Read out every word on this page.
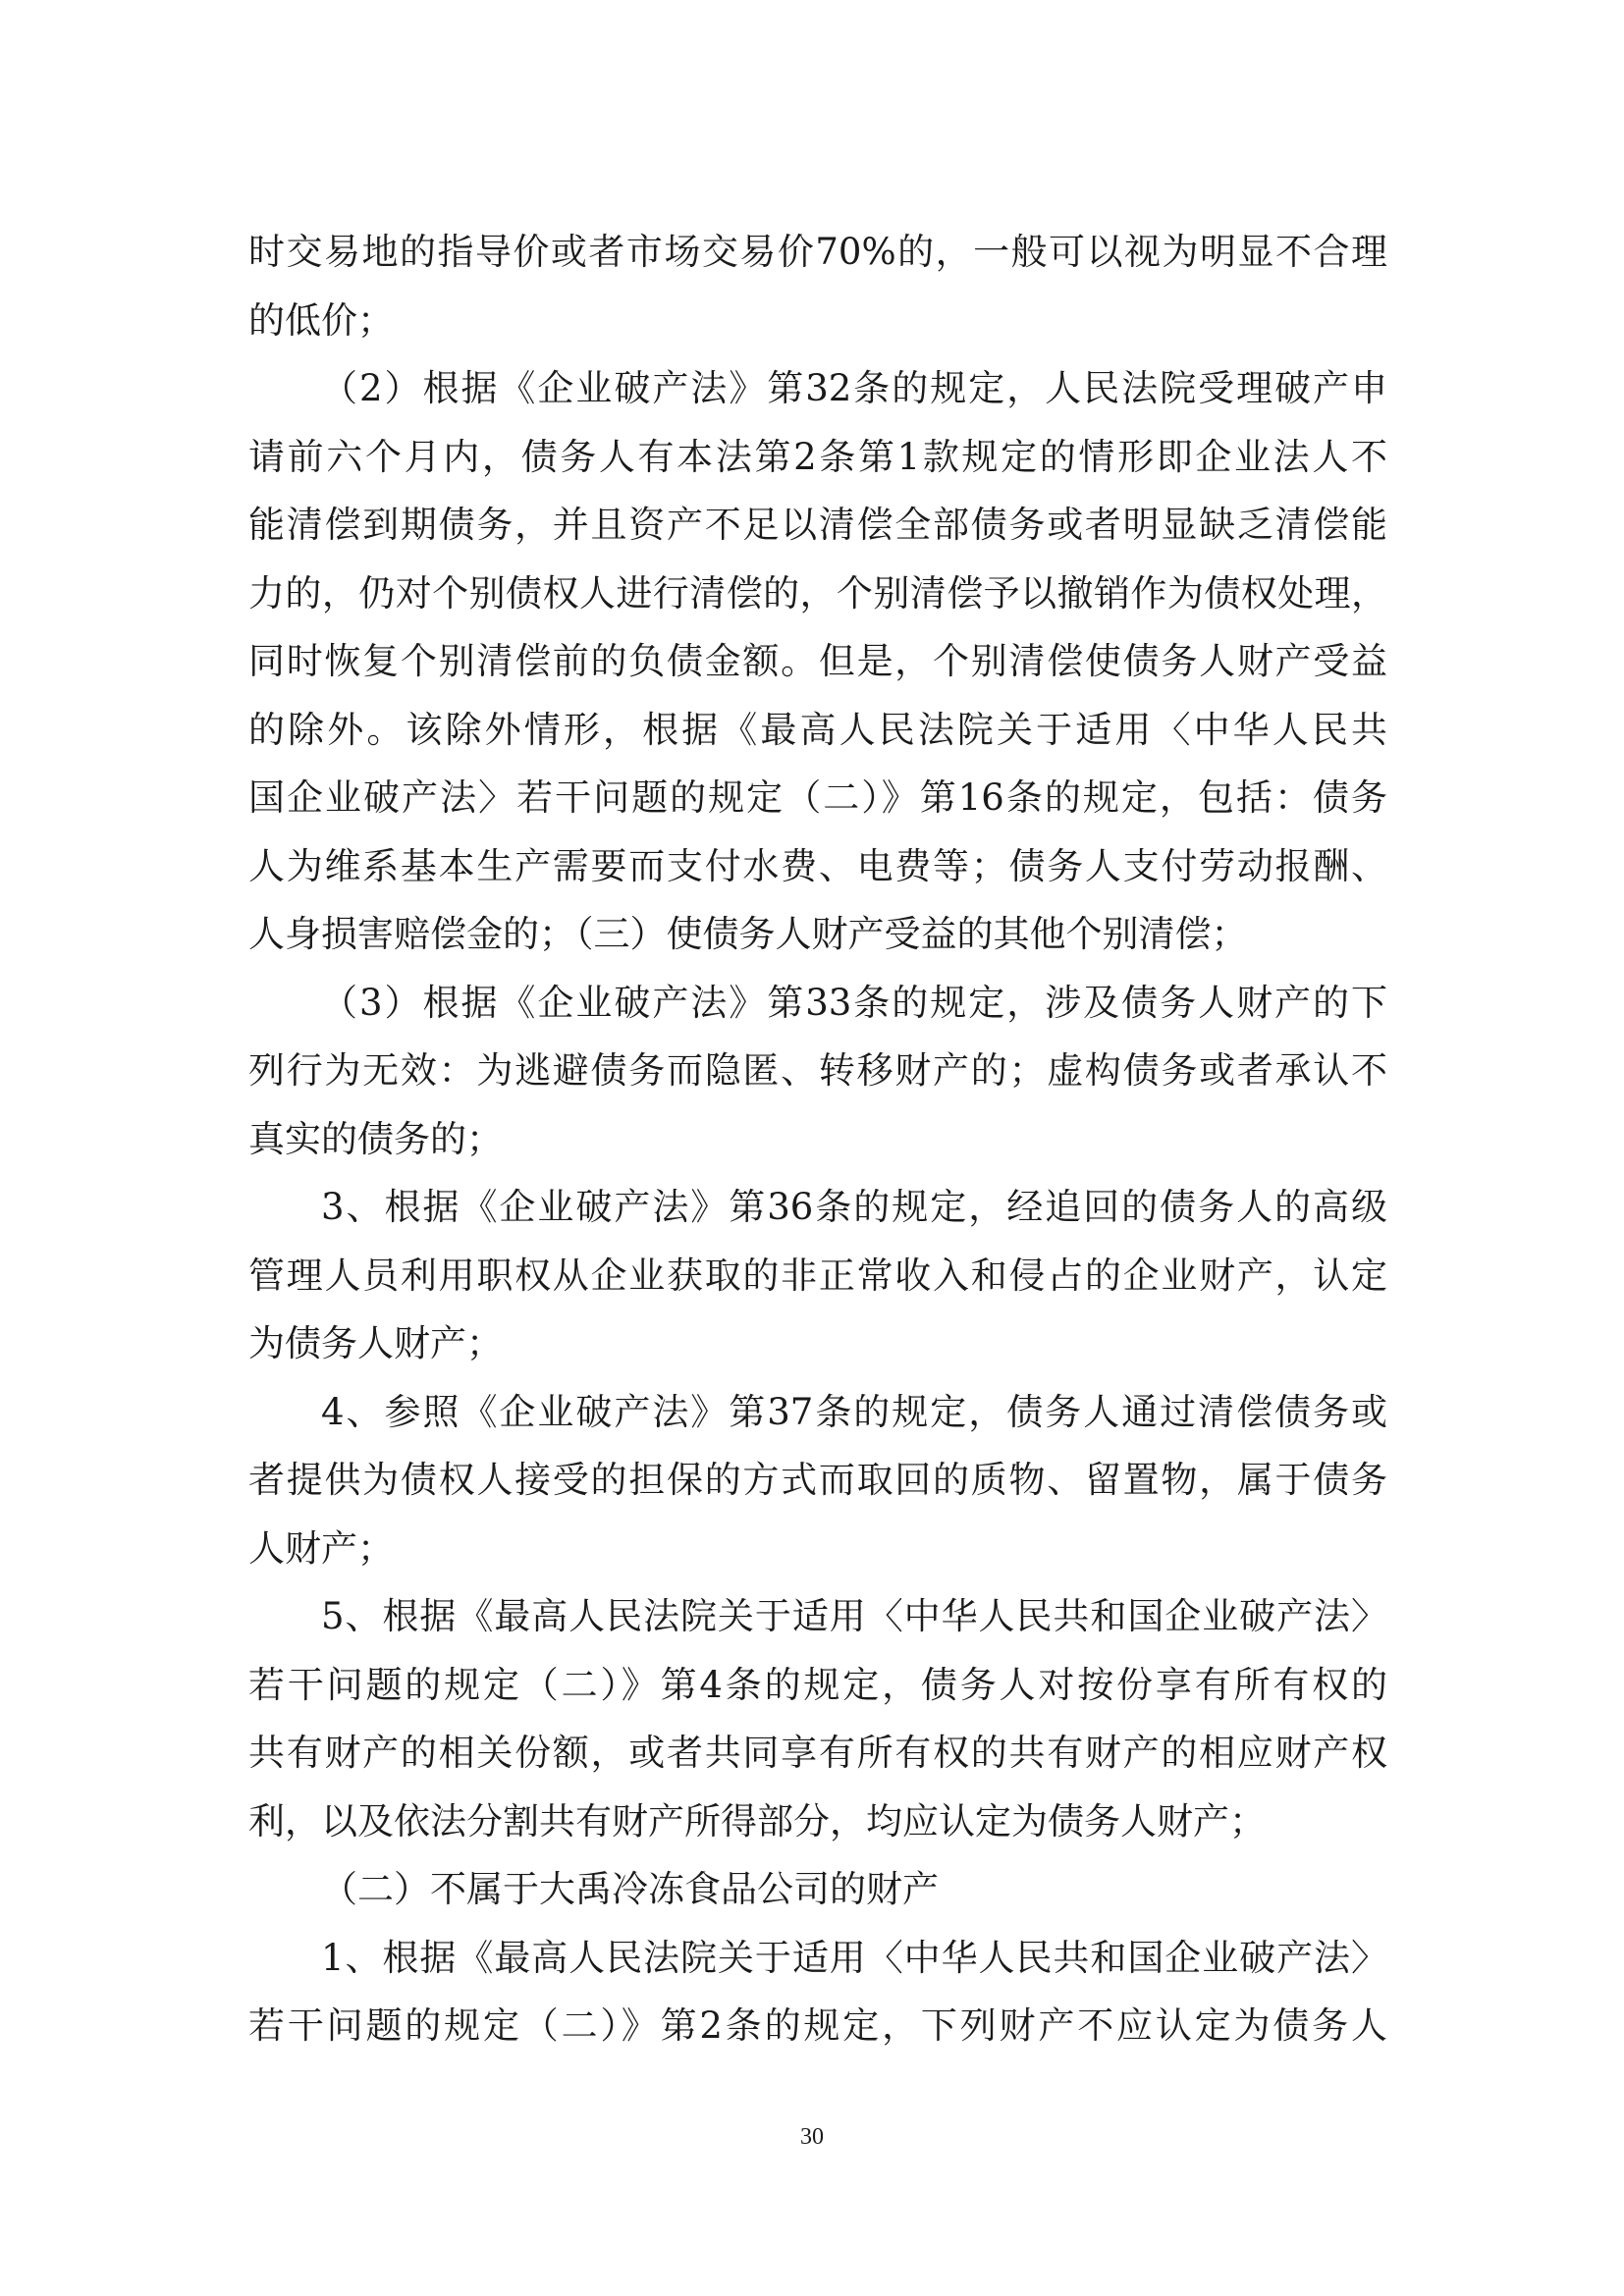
时交易地的指导价或者市场交易价70%的，一般可以视为明显不合理

的低价；

（2）根据《企业破产法》第32条的规定，人民法院受理破产申

请前六个月内，债务人有本法第2条第1款规定的情形即企业法人不

能清偿到期债务，并且资产不足以清偿全部债务或者明显缺乏清偿能

力的，仍对个别债权人进行清偿的，个别清偿予以撤销作为债权处理，

同时恢复个别清偿前的负债金额。但是，个别清偿使债务人财产受益

的除外。该除外情形，根据《最高人民法院关于适用〈中华人民共

国企业破产法〉若干问题的规定（二）》第16条的规定，包括：债务

人为维系基本生产需要而支付水费、电费等；债务人支付劳动报酬、

人身损害赔偿金的；（三）使债务人财产受益的其他个别清偿；

（3）根据《企业破产法》第33条的规定，涉及债务人财产的下

列行为无效：为逃避债务而隐匿、转移财产的；虚构债务或者承认不

真实的债务的；

3、根据《企业破产法》第36条的规定，经追回的债务人的高级

管理人员利用职权从企业获取的非正常收入和侵占的企业财产，认定

为债务人财产；

4、参照《企业破产法》第37条的规定，债务人通过清偿债务或

者提供为债权人接受的担保的方式而取回的质物、留置物，属于债务

人财产；

5、根据《最高人民法院关于适用〈中华人民共和国企业破产法〉

若干问题的规定（二）》第4条的规定，债务人对按份享有所有权的

共有财产的相关份额，或者共同享有所有权的共有财产的相应财产权

利，以及依法分割共有财产所得部分，均应认定为债务人财产；

（二）不属于大禹冷冻食品公司的财产

1、根据《最高人民法院关于适用〈中华人民共和国企业破产法〉

若干问题的规定（二）》第2条的规定，下列财产不应认定为债务人

30
